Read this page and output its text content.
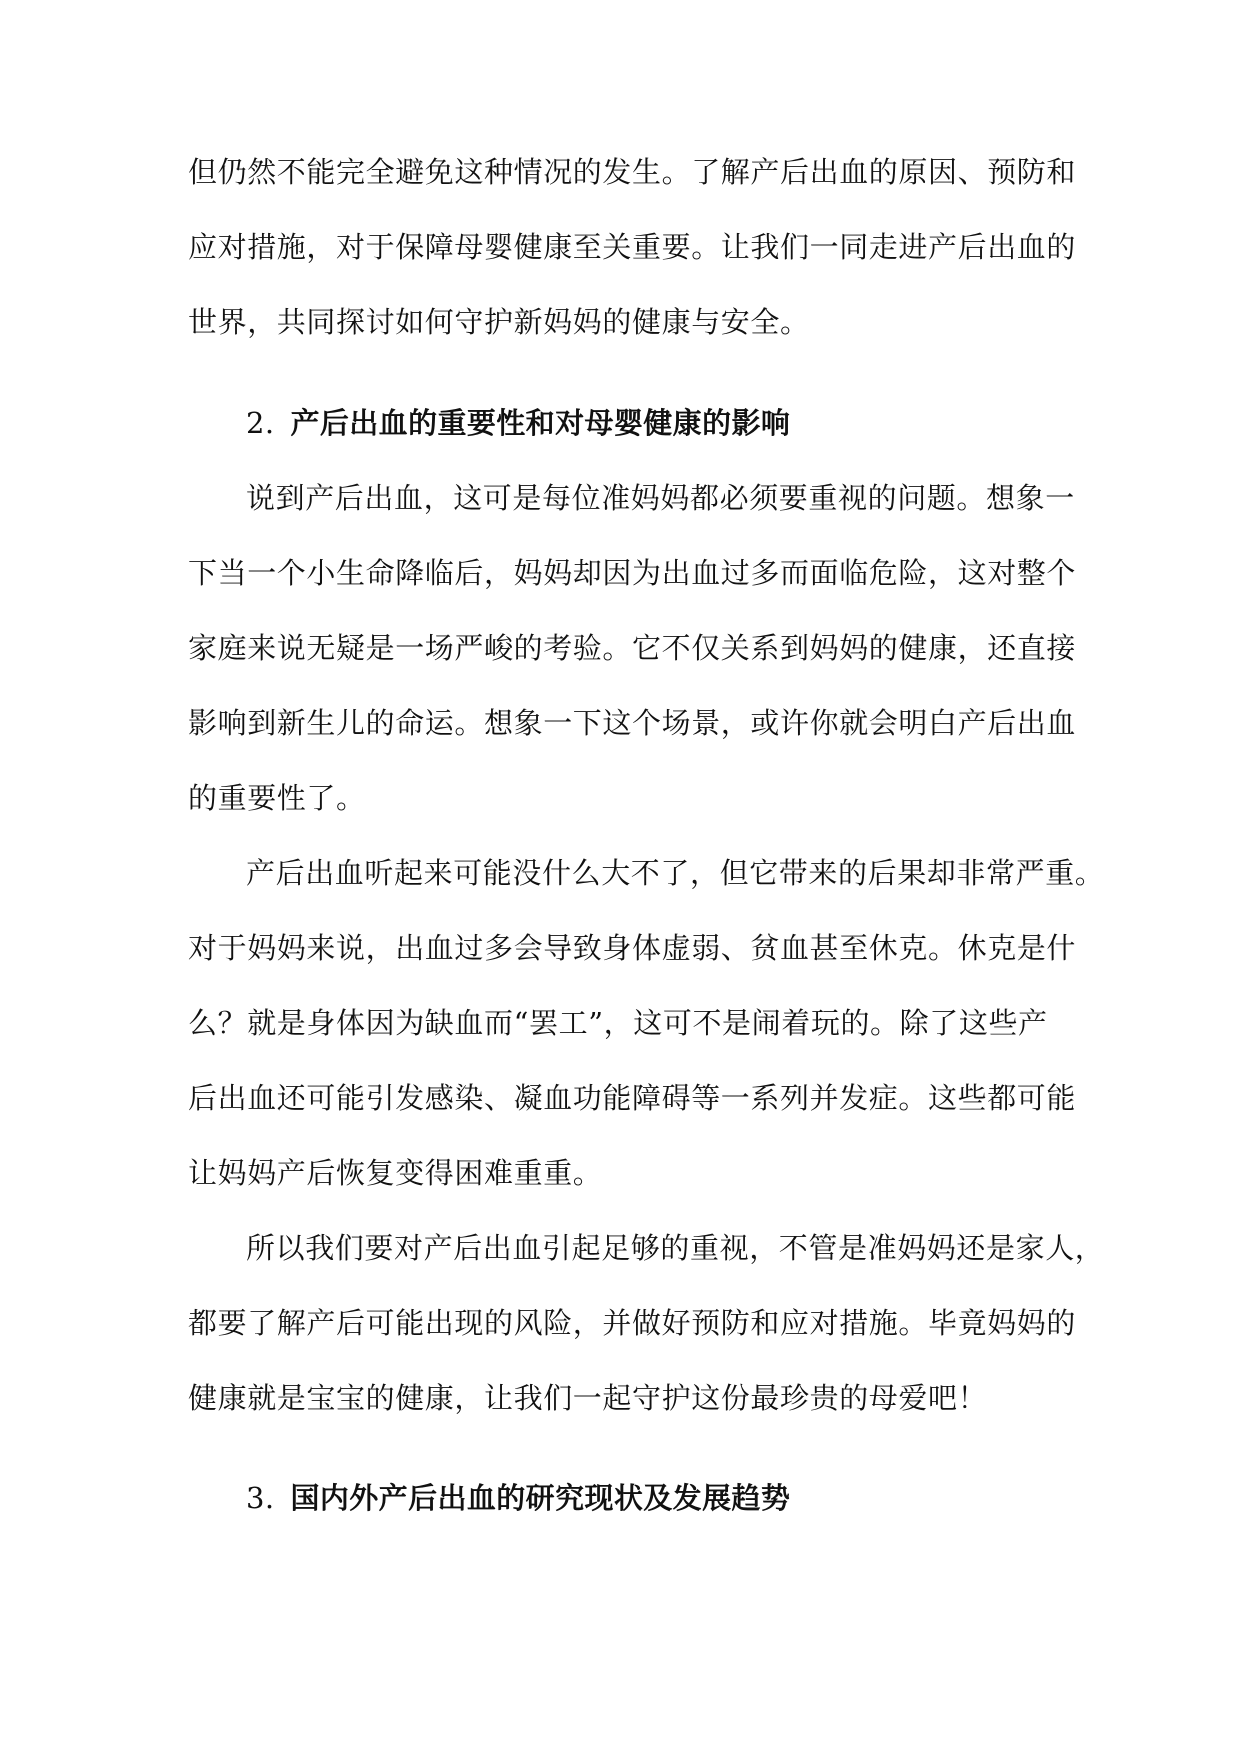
但仍然不能完全避免这种情况的发生。了解产后出血的原因、预防和
应对措施，对于保障母婴健康至关重要。让我们一同走进产后出血的
世界，共同探讨如何守护新妈妈的健康与安全。
2. 产后出血的重要性和对母婴健康的影响
说到产后出血，这可是每位准妈妈都必须要重视的问题。想象一
下当一个小生命降临后，妈妈却因为出血过多而面临危险，这对整个
家庭来说无疑是一场严峻的考验。它不仅关系到妈妈的健康，还直接
影响到新生儿的命运。想象一下这个场景，或许你就会明白产后出血
的重要性了。
产后出血听起来可能没什么大不了，但它带来的后果却非常严重。
对于妈妈来说，出血过多会导致身体虚弱、贫血甚至休克。休克是什
么？就是身体因为缺血而“罢工”，这可不是闹着玩的。除了这些产
后出血还可能引发感染、凝血功能障碍等一系列并发症。这些都可能
让妈妈产后恢复变得困难重重。
所以我们要对产后出血引起足够的重视，不管是准妈妈还是家人，
都要了解产后可能出现的风险，并做好预防和应对措施。毕竟妈妈的
健康就是宝宝的健康，让我们一起守护这份最珍贵的母爱吧！
3. 国内外产后出血的研究现状及发展趋势
